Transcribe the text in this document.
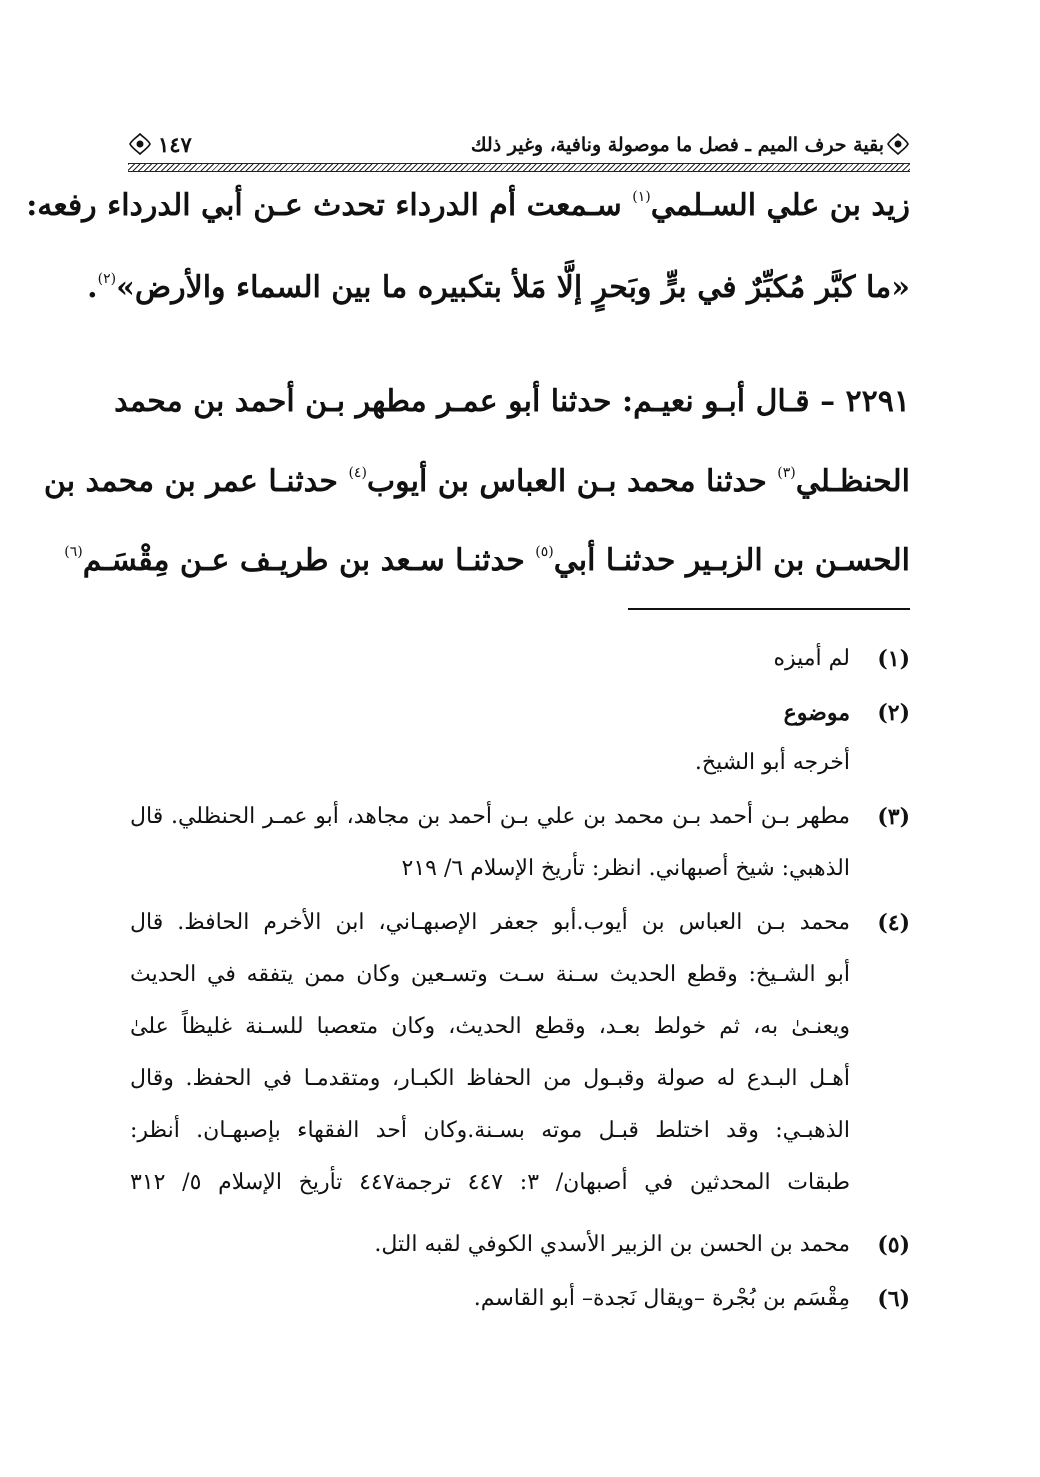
بقية حرف الميم ـ فصل ما موصولة ونافية، وغير ذلك
١٤٧
زيد بن علي السـلمي$^{(١)}$ سـمعت أم الدرداء تحدث عـن أبي الدرداء رفعه:
«ما كبَّر مُكبِّرٌ في برٍّ وبَحرٍ إلَّا مَلأ بتكبيره ما بين السماء والأرض»$^{(٢)}$.
٢٢٩١ – قـال أبـو نعيـم: حدثنا أبو عمـر مطهر بـن أحمد بن محمد
الحنظـلي$^{(٣)}$ حدثنا محمد بـن العباس بن أيوب$^{(٤)}$ حدثنـا عمر بن محمد بن
الحسـن بن الزبـير حدثنـا أبي$^{(٥)}$ حدثنـا سـعد بن طريـف عـن مِقْسَـم$^{(٦)}$
(١)
لم أميزه
(٢)
موضوع
أخرجه أبو الشيخ.
(٣)
مطهر بـن أحمد بـن محمد بن علي بـن أحمد بن مجاهد، أبو عمـر الحنظلي. قال
الذهبي: شيخ أصبهاني. انظر: تأريخ الإسلام ٦/ ٢١٩
(٤)
محمد بـن العباس بن أيوب.أبو جعفر الإصبهـاني، ابن الأخرم الحافظ. قال
أبو الشـيخ: وقطع الحديث سـنة سـت وتسـعين وكان ممن يتفقه في الحديث
ويعنـىٰ به، ثم خولط بعـد، وقطع الحديث، وكان متعصبا للسـنة غليظاً علىٰ
أهـل البـدع له صولة وقبـول من الحفاظ الكبـار، ومتقدمـا في الحفظ. وقال
الذهبـي: وقد اختلط قبـل موته بسـنة.وكان أحد الفقهاء بإصبهـان. أنظر:
طبقات المحدثين في أصبهان/ ٣: ٤٤٧ ترجمة٤٤٧ تأريخ الإسلام ٥/ ٣١٢
(٥)
محمد بن الحسن بن الزبير الأسدي الكوفي لقبه التل.
(٦)
مِقْسَم بن بُجْرة –ويقال نَجدة– أبو القاسم.
